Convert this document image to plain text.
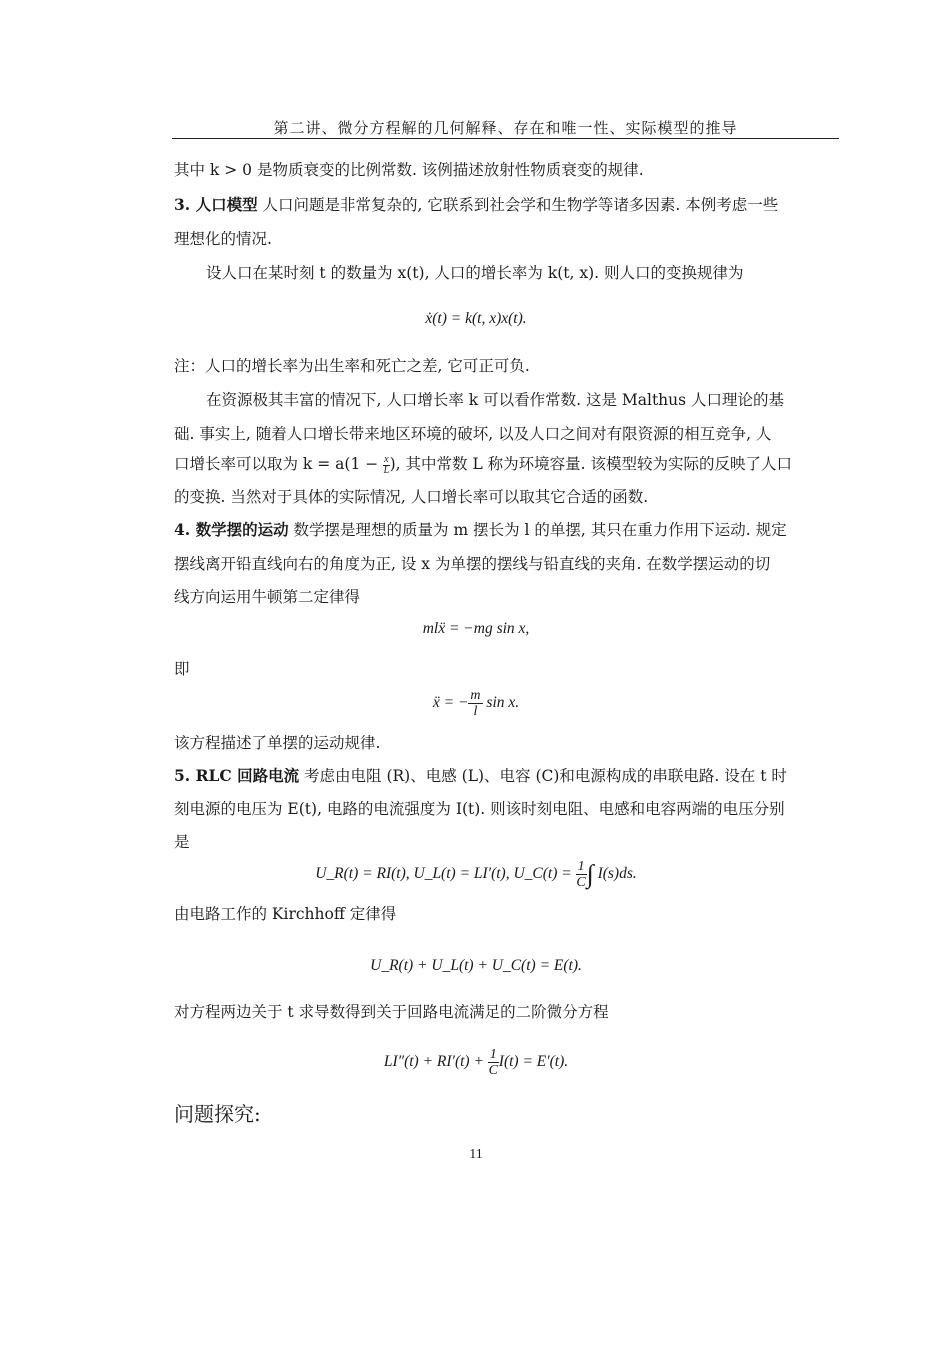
第二讲、微分方程解的几何解释、存在和唯一性、实际模型的推导
其中 k > 0 是物质衰变的比例常数. 该例描述放射性物质衰变的规律.
3. 人口模型 人口问题是非常复杂的, 它联系到社会学和生物学等诸多因素. 本例考虑一些
理想化的情况.
设人口在某时刻 t 的数量为 x(t), 人口的增长率为 k(t, x). 则人口的变换规律为
ẋ(t) = k(t, x)x(t).
注：人口的增长率为出生率和死亡之差, 它可正可负.
在资源极其丰富的情况下, 人口增长率 k 可以看作常数. 这是 Malthus 人口理论的基
础. 事实上, 随着人口增长带来地区环境的破坏, 以及人口之间对有限资源的相互竞争, 人
口增长率可以取为 $k = a(1 - \frac{x}{L}$ ), 其中常数 L 称为环境容量. 该模型较为实际的反映了人口
的变换. 当然对于具体的实际情况, 人口增长率可以取其它合适的函数.
4. 数学摆的运动 数学摆是理想的质量为 m 摆长为 l 的单摆, 其只在重力作用下运动. 规定
摆线离开铅直线向右的角度为正, 设 x 为单摆的摆线与铅直线的夹角. 在数学摆运动的切
线方向运用牛顿第二定律得
mlẍ = −mg sin x,
即
ẍ = − $\frac{m}{l}$ sin x.
该方程描述了单摆的运动规律.
5. RLC 回路电流 考虑由电阻 (R)、电感 (L)、电容 (C)和电源构成的串联电路. 设在 t 时
刻电源的电压为 E(t), 电路的电流强度为 I(t). 则该时刻电阻、电感和电容两端的电压分别
是
U_R(t) = RI(t), U_L(t) = LI′(t), U_C(t) = $\frac{1}{C}$ ∫ I(s)ds.
由电路工作的 Kirchhoff 定律得
U_R(t) + U_L(t) + U_C(t) = E(t).
对方程两边关于 t 求导数得到关于回路电流满足的二阶微分方程
$LI''(t) + RI'(t) + \frac{1}{C} I(t) = E'(t)$.
问题探究:
11
